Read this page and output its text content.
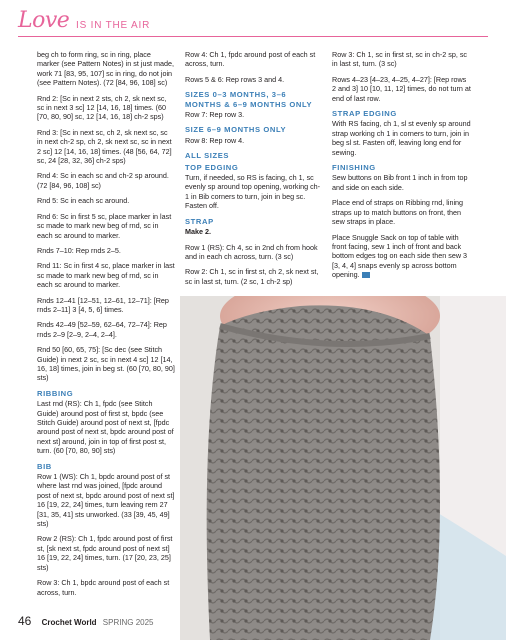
Love IS IN THE AIR

beg ch to form ring, sc in ring, place marker (see Pattern Notes) in st just made, work 71 [83, 95, 107] sc in ring, do not join (see Pattern Notes). (72 [84, 96, 108] sc)

Rnd 2: [Sc in next 2 sts, ch 2, sk next sc, sc in next 3 sc] 12 [14, 16, 18] times. (60 [70, 80, 90] sc, 12 [14, 16, 18] ch-2 sps)

Rnd 3: [Sc in next sc, ch 2, sk next sc, sc in next ch-2 sp, ch 2, sk next sc, sc in next 2 sc] 12 [14, 16, 18] times. (48 [56, 64, 72] sc, 24 [28, 32, 36] ch-2 sps)

Rnd 4: Sc in each sc and ch-2 sp around. (72 [84, 96, 108] sc)

Rnd 5: Sc in each sc around.

Rnd 6: Sc in first 5 sc, place marker in last sc made to mark new beg of rnd, sc in each sc around to marker.

Rnds 7–10: Rep rnds 2–5.

Rnd 11: Sc in first 4 sc, place marker in last sc made to mark new beg of rnd, sc in each sc around to marker.

Rnds 12–41 [12–51, 12–61, 12–71]: [Rep rnds 2–11] 3 [4, 5, 6] times.

Rnds 42–49 [52–59, 62–64, 72–74]: Rep rnds 2–9 [2–9, 2–4, 2–4].

Rnd 50 [60, 65, 75]: [Sc dec (see Stitch Guide) in next 2 sc, sc in next 4 sc] 12 [14, 16, 18] times, join in beg st. (60 [70, 80, 90] sts)

RIBBING

Last rnd (RS): Ch 1, fpdc (see Stitch Guide) around post of first st, bpdc (see Stitch Guide) around post of next st, [fpdc around post of next st, bpdc around post of next st] around, join in top of first post st, turn. (60 [70, 80, 90] sts)

BIB

Row 1 (WS): Ch 1, bpdc around post of st where last rnd was joined, [fpdc around post of next st, bpdc around post of next st] 16 [19, 22, 24] times, turn leaving rem 27 [31, 35, 41] sts unworked. (33 [39, 45, 49] sts)

Row 2 (RS): Ch 1, fpdc around post of first st, [sk next st, fpdc around post of next st] 16 [19, 22, 24] times, turn. (17 [20, 23, 25] sts)

Row 3: Ch 1, bpdc around post of each st across, turn.

Row 4: Ch 1, fpdc around post of each st across, turn.

Rows 5 & 6: Rep rows 3 and 4.

SIZES 0–3 MONTHS, 3–6 MONTHS & 6–9 MONTHS ONLY

Row 7: Rep row 3.

SIZE 6–9 MONTHS ONLY

Row 8: Rep row 4.

ALL SIZES
TOP EDGING

Turn, if needed, so RS is facing, ch 1, sc evenly sp around top opening, working ch-1 in Bib corners to turn, join in beg sc. Fasten off.

STRAP

Make 2.

Row 1 (RS): Ch 4, sc in 2nd ch from hook and in each ch across, turn. (3 sc)

Row 2: Ch 1, sc in first st, ch 2, sk next st, sc in last st, turn. (2 sc, 1 ch-2 sp)

Row 3: Ch 1, sc in first st, sc in ch-2 sp, sc in last st, turn. (3 sc)

Rows 4–23 [4–23, 4–25, 4–27]: [Rep rows 2 and 3] 10 [10, 11, 12] times, do not turn at end of last row.

STRAP EDGING

With RS facing, ch 1, sl st evenly sp around strap working ch 1 in corners to turn, join in beg sl st. Fasten off, leaving long end for sewing.

FINISHING

Sew buttons on Bib front 1 inch in from top and side on each side.

Place end of straps on Ribbing rnd, lining straps up to match buttons on front, then sew straps in place.

Place Snuggle Sack on top of table with front facing, sew 1 inch of front and back bottom edges tog on each side then sew 3 [3, 4, 4] snaps evenly sp across bottom opening.

46 Crochet World SPRING 2025
